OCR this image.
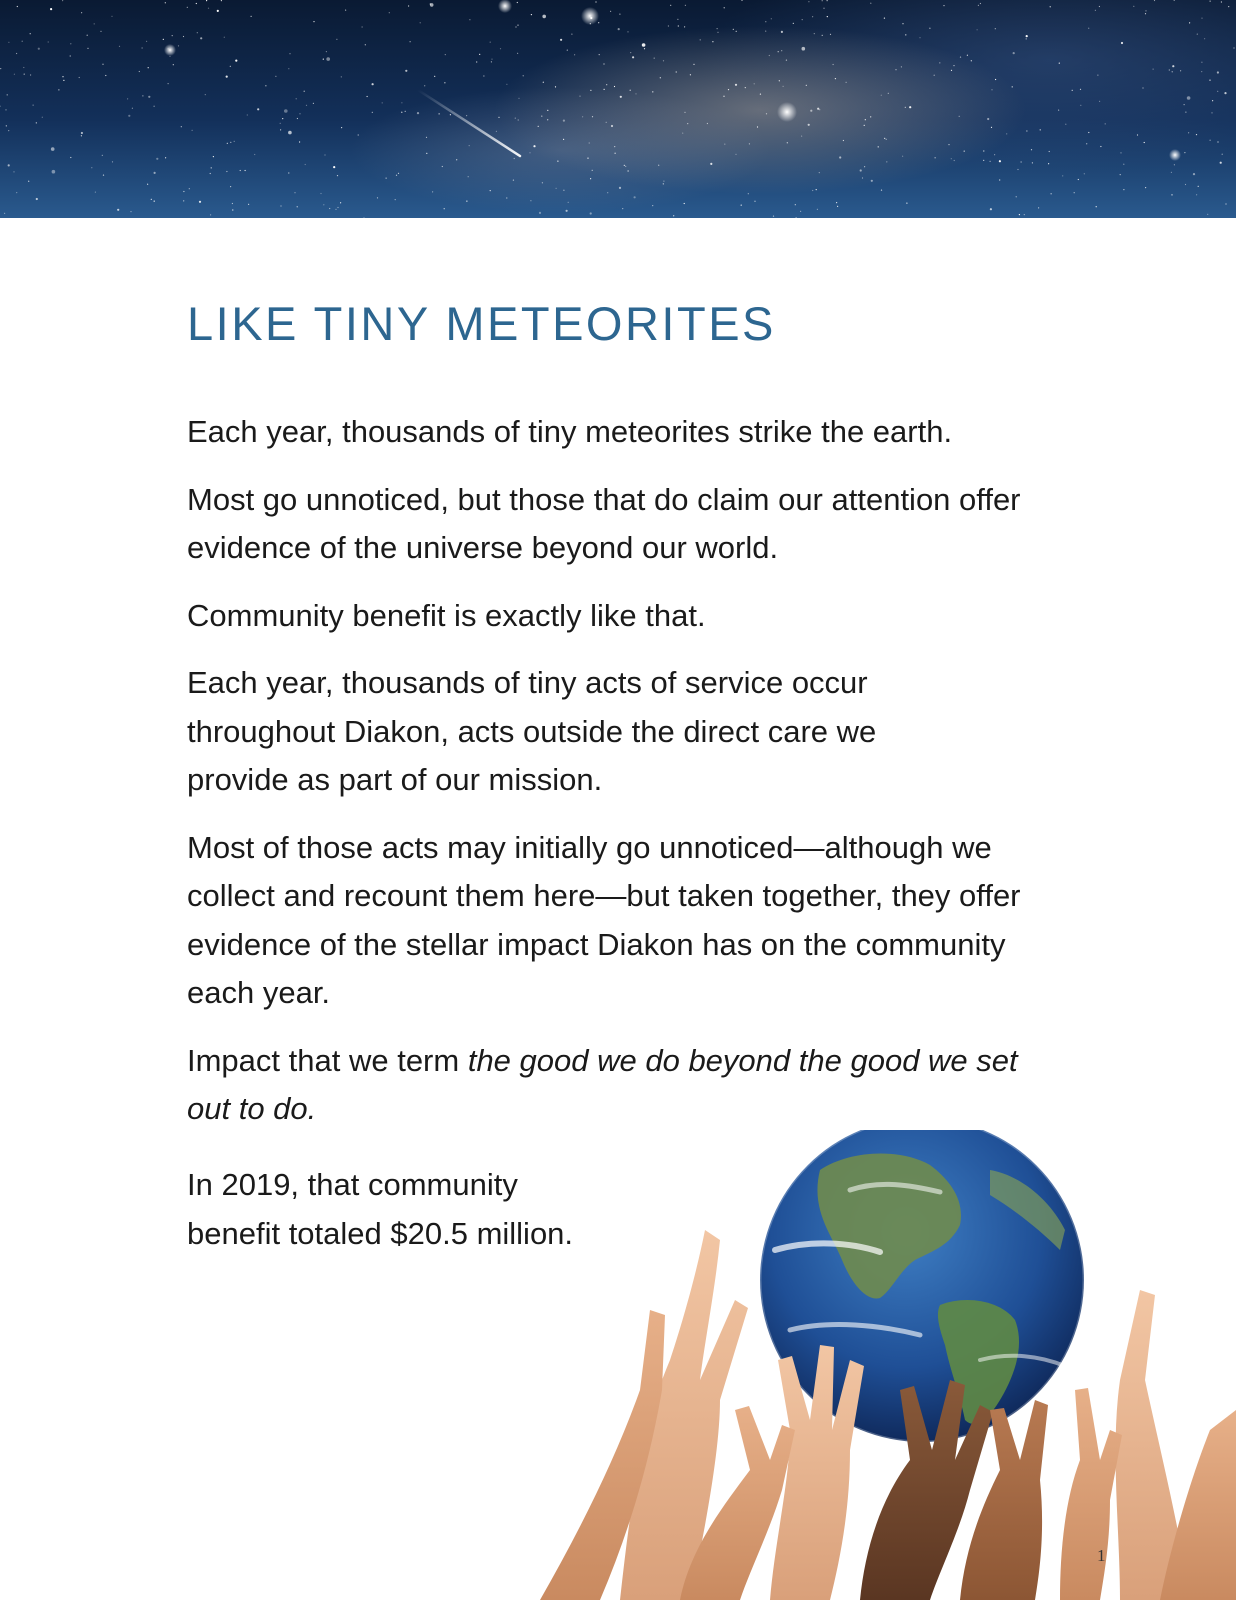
LIKE TINY METEORITES

Each year, thousands of tiny meteorites strike the earth.

Most go unnoticed, but those that do claim our attention offer evidence of the universe beyond our world.

Community benefit is exactly like that.

Each year, thousands of tiny acts of service occur throughout Diakon, acts outside the direct care we provide as part of our mission.

Most of those acts may initially go unnoticed—although we collect and recount them here—but taken together, they offer evidence of the stellar impact Diakon has on the community each year.

Impact that we term the good we do beyond the good we set out to do.

In 2019, that community
benefit totaled $20.5 million.

1
